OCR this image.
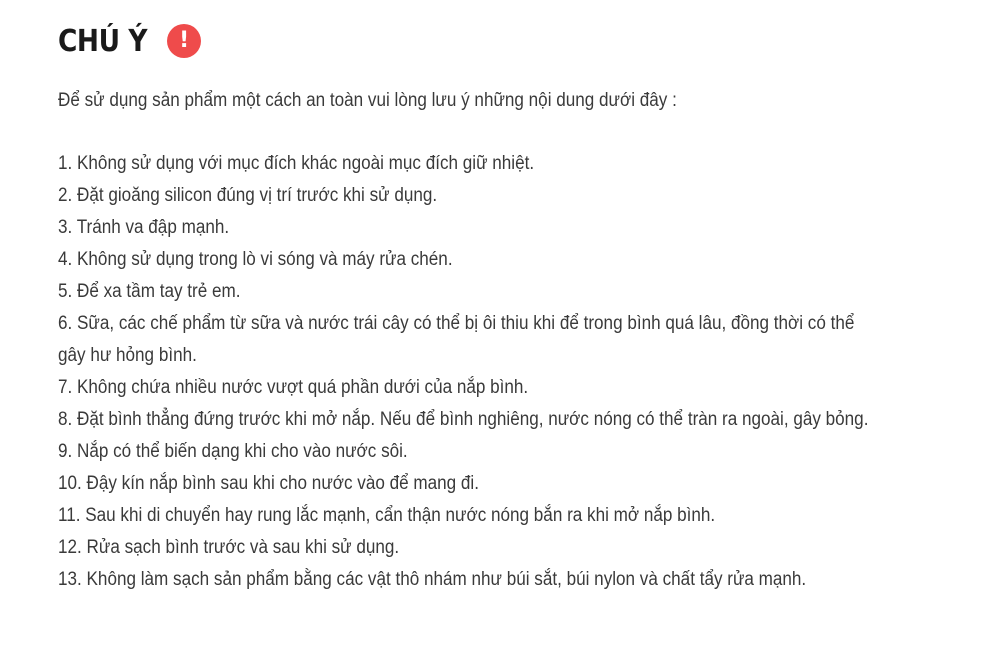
CHÚ Ý	!
Để sử dụng sản phẩm một cách an toàn vui lòng lưu ý những nội dung dưới đây :
1. Không sử dụng với mục đích khác ngoài mục đích giữ nhiệt.
2. Đặt gioăng silicon đúng vị trí trước khi sử dụng.
3. Tránh va đập mạnh.
4. Không sử dụng trong lò vi sóng và máy rửa chén.
5. Để xa tầm tay trẻ em.
6. Sữa, các chế phẩm từ sữa và nước trái cây có thể bị ôi thiu khi để trong bình quá lâu, đồng thời có thể
gây hư hỏng bình.
7. Không chứa nhiều nước vượt quá phần dưới của nắp bình.
8. Đặt bình thẳng đứng trước khi mở nắp. Nếu để bình nghiêng, nước nóng có thể tràn ra ngoài, gây bỏng.
9. Nắp có thể biến dạng khi cho vào nước sôi.
10. Đậy kín nắp bình sau khi cho nước vào để mang đi.
11. Sau khi di chuyển hay rung lắc mạnh, cẩn thận nước nóng bắn ra khi mở nắp bình.
12. Rửa sạch bình trước và sau khi sử dụng.
13. Không làm sạch sản phẩm bằng các vật thô nhám như búi sắt, búi nylon và chất tẩy rửa mạnh.
